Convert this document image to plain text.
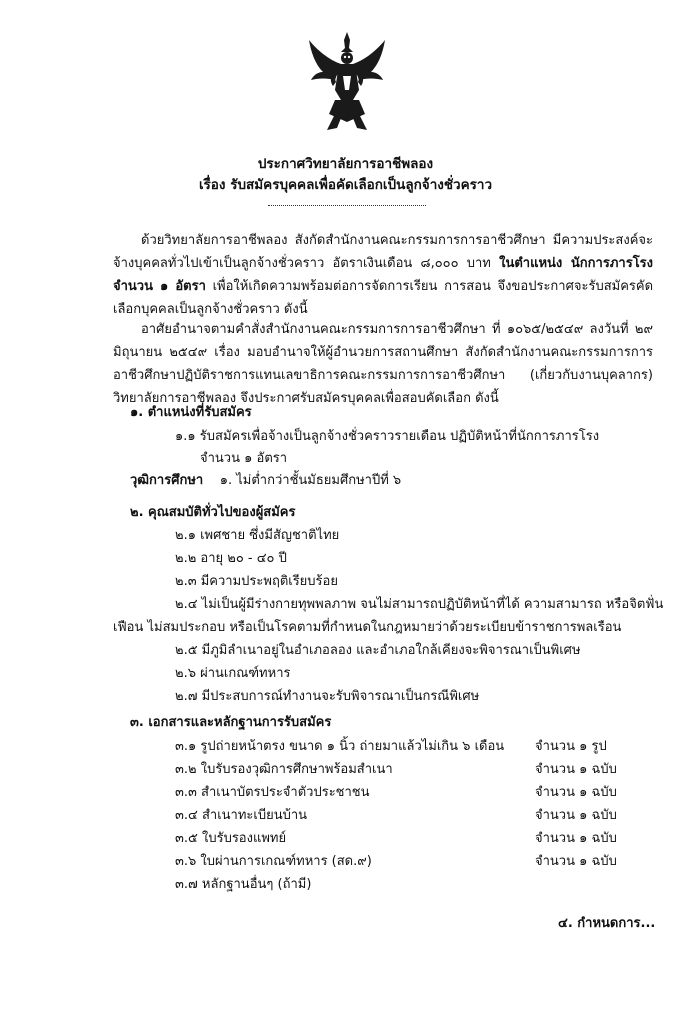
ประกาศวิทยาลัยการอาชีพลอง
เรื่อง รับสมัครบุคคลเพื่อคัดเลือกเป็นลูกจ้างชั่วคราว
ด้วยวิทยาลัยการอาชีพลอง สังกัดสำนักงานคณะกรรมการการอาชีวศึกษา มีความประสงค์จะจ้างบุคคลทั่วไปเข้าเป็นลูกจ้างชั่วคราว อัตราเงินเดือน ๘,๐๐๐ บาท ในตำแหน่ง นักการภารโรง จำนวน ๑ อัตรา เพื่อให้เกิดความพร้อมต่อการจัดการเรียน การสอน จึงขอประกาศจะรับสมัครคัดเลือกบุคคลเป็นลูกจ้างชั่วคราว ดังนี้
อาศัยอำนาจตามคำสั่งสำนักงานคณะกรรมการการอาชีวศึกษา ที่ ๑๐๖๕/๒๕๔๙ ลงวันที่ ๒๙ มิถุนายน ๒๕๔๙ เรื่อง มอบอำนาจให้ผู้อำนวยการสถานศึกษา สังกัดสำนักงานคณะกรรมการการอาชีวศึกษาปฏิบัติราชการแทนเลขาธิการคณะกรรมการการอาชีวศึกษา (เกี่ยวกับงานบุคลากร) วิทยาลัยการอาชีพลอง จึงประกาศรับสมัครบุคคลเพื่อสอบคัดเลือก ดังนี้
๑. ตำแหน่งที่รับสมัคร
๑.๑ รับสมัครเพื่อจ้างเป็นลูกจ้างชั่วคราวรายเดือน ปฏิบัติหน้าที่นักการภารโรง
จำนวน ๑ อัตรา
วุฒิการศึกษา ๑. ไม่ต่ำกว่าชั้นมัธยมศึกษาปีที่ ๖
๒. คุณสมบัติทั่วไปของผู้สมัคร
๒.๑ เพศชาย ซึ่งมีสัญชาติไทย
๒.๒ อายุ ๒๐ - ๔๐ ปี
๒.๓ มีความประพฤติเรียบร้อย
๒.๔ ไม่เป็นผู้มีร่างกายทุพพลภาพ จนไม่สามารถปฏิบัติหน้าที่ได้ ความสามารถ หรือจิตฟั่น
เฟือน ไม่สมประกอบ หรือเป็นโรคตามที่กำหนดในกฎหมายว่าด้วยระเบียบข้าราชการพลเรือน
๒.๕ มีภูมิลำเนาอยู่ในอำเภอลอง และอำเภอใกล้เคียงจะพิจารณาเป็นพิเศษ
๒.๖ ผ่านเกณฑ์ทหาร
๒.๗ มีประสบการณ์ทำงานจะรับพิจารณาเป็นกรณีพิเศษ
๓. เอกสารและหลักฐานการรับสมัคร
๓.๑ รูปถ่ายหน้าตรง ขนาด ๑ นิ้ว ถ่ายมาแล้วไม่เกิน ๖ เดือน จำนวน ๑ รูป
๓.๒ ใบรับรองวุฒิการศึกษาพร้อมสำเนา	จำนวน ๑ ฉบับ
๓.๓ สำเนาบัตรประจำตัวประชาชน	จำนวน ๑ ฉบับ
๓.๔ สำเนาทะเบียนบ้าน	จำนวน ๑ ฉบับ
๓.๕ ใบรับรองแพทย์	จำนวน ๑ ฉบับ
๓.๖ ใบผ่านการเกณฑ์ทหาร (สด.๙)	จำนวน ๑ ฉบับ
๓.๗ หลักฐานอื่นๆ (ถ้ามี)
๔. กำหนดการ...
